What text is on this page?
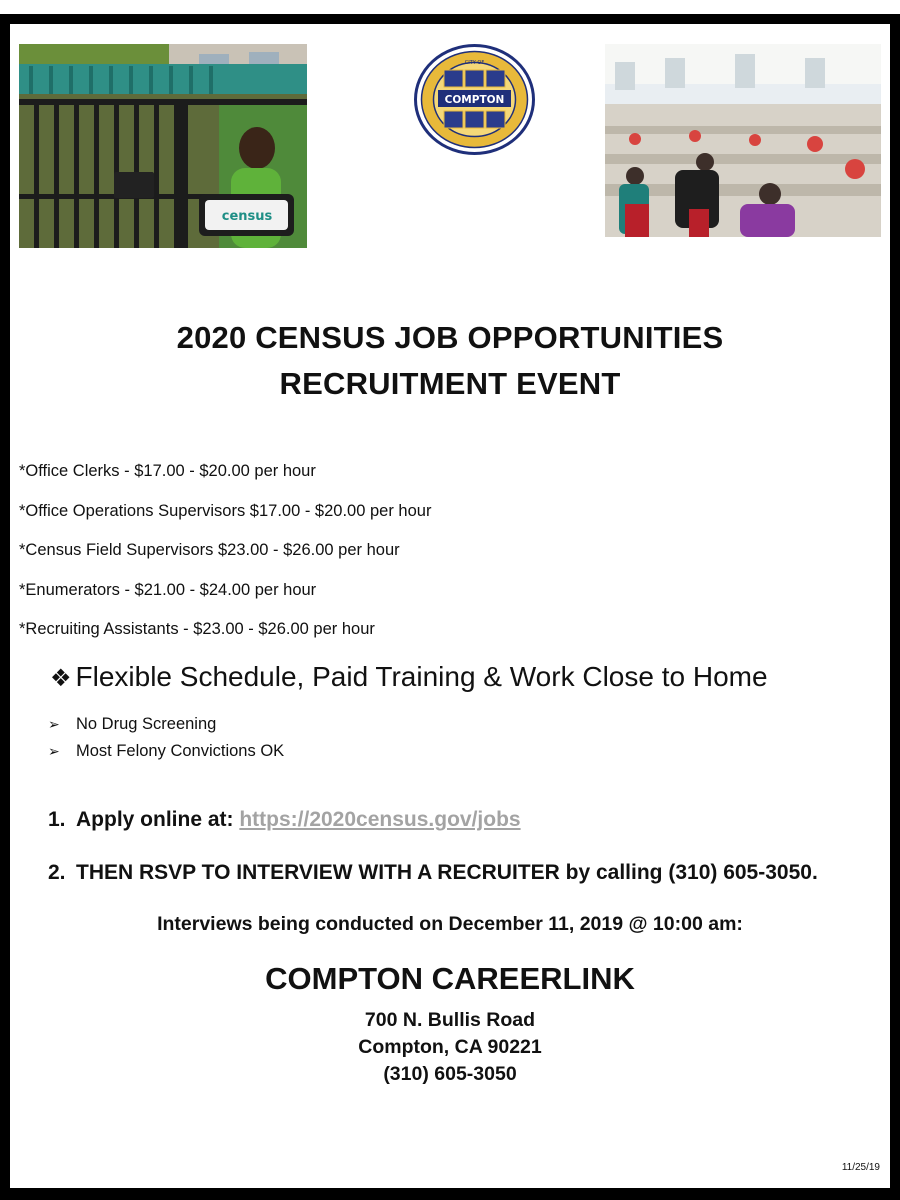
census
COMPTON
CITY OF
2020 CENSUS JOB OPPORTUNITIES
RECRUITMENT EVENT
*Office Clerks - $17.00 - $20.00 per hour
*Office Operations Supervisors $17.00 - $20.00 per hour
*Census Field Supervisors $23.00 - $26.00 per hour
*Enumerators - $21.00 - $24.00 per hour
*Recruiting Assistants - $23.00 - $26.00 per hour
❖ Flexible Schedule, Paid Training & Work Close to Home
➢ No Drug Screening
➢ Most Felony Convictions OK
1. Apply online at: https://2020census.gov/jobs
2. THEN RSVP TO INTERVIEW WITH A RECRUITER by calling (310) 605-3050.
Interviews being conducted on December 11, 2019 @ 10:00 am:
COMPTON CAREERLINK
700 N. Bullis Road
Compton, CA 90221
(310) 605-3050
11/25/19
